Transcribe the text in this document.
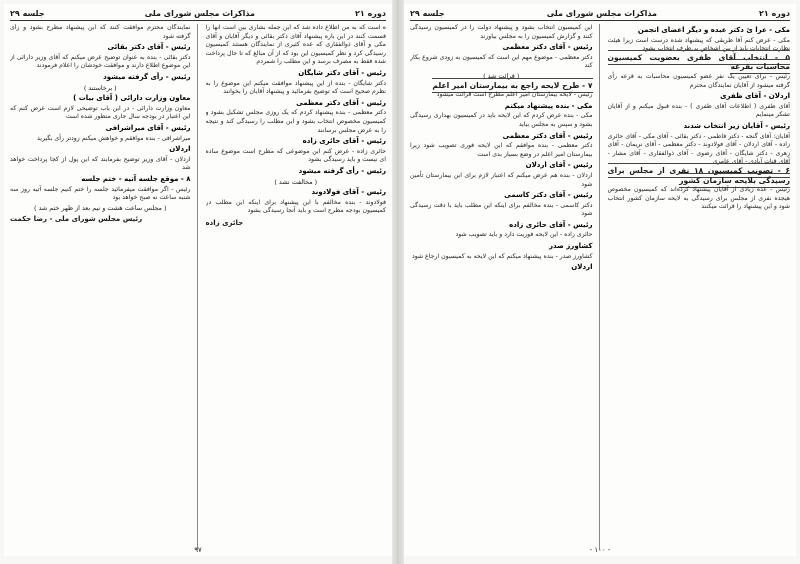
دوره ۲۱
مذاکرات مجلس شورای ملی
جلسه ۲۹
ه است که به من اطلاع داده شد که این جمله بشاری بين است آنها را قسمت کنند در این باره پیشنهاد آقای دکتر بقائی و دیگر آقایان و آقای مکی و آقای ذوالفقاری که عده کثیری از نمایندگان هستند کمیسیون رسیدگی کرد و نظر کمیسیون این بود که از آن مبالغ که تا حال پرداخت شده فقط به مصرف برسد و این مطلب را شمردم
رئیس - آقای دکتر شایگان
دکتر شایگان - بنده از این پیشنهاد موافقت میکنم این موضوع را به نظرم صحیح است که توضیح بفرمائید و پیشنهاد آقایان را بخوانند
رئیس - آقای دکتر معظمی
دکتر معظمی - بنده پیشنهاد کردم که یک روزی مجلس تشکیل بشود و کمیسیون مخصوص انتخاب بشود و این مطلب را رسیدگی کند و نتیجه را به عرض مجلس برسانند
رئیس - آقای حائری زاده
حائری زاده - عرض کنم این موضوعی که مطرح است موضوع ساده ای نیست و باید رسیدگی بشود
رئیس - رأی گرفته میشود
( مخالفت نشد )
رئیس - آقای فولادوند
فولادوند - بنده مخالفم با این پیشنهاد برای اینکه این مطلب در کمیسیون بودجه مطرح است و باید آنجا رسیدگی بشود
حائری زاده
نمایندگان محترم موافقت کنند که این پیشنهاد مطرح بشود و رأی گرفته شود
رئیس - آقای دکتر بقائی
دکتر بقائی - بنده به عنوان توضیح عرض میکنم که آقای وزیر دارائی از این موضوع اطلاع دارند و موافقت خودشان را اعلام فرمودند
رئیس - رأی گرفته میشود
( برخاستند )
معاون وزارت دارائی ( آقای بیات )
معاون وزارت دارائی - در این باب توضیحی لازم است عرض کنم که این اعتبار در بودجه سال جاری منظور شده است
رئیس - آقای میراشرافی
میراشرافی - بنده موافقم و خواهش میکنم زودتر رأی بگیرید
اردلان
اردلان - آقای وزیر توضیح بفرمایند که این پول از کجا پرداخت خواهد شد
۸ - موقع جلسه آتیه - ختم جلسه
رئیس - اگر موافقت میفرمائید جلسه را ختم کنیم جلسه آتیه روز سه شنبه ساعت نه صبح خواهد بود
( مجلس ساعت هشت و نیم بعد از ظهر ختم شد )
رئیس مجلس شورای ملی - رضا حکمت
۹۷
دوره ۲۱
مذاکرات مجلس شورای ملی
جلسه ۲۹
مکی - عرا ئ دکتر عبده و دیگر اعضای انجمن
مکی - عرض کنم آقا طریقی که پیشنهاد شده درست است زیرا هیئت نظارت انتخابات باید از بین اشخاص بی‌طرف انتخاب بشود
۵ - انتخاب آقای ظفری بعضویت کمیسیون محاسبات بقرعه
رئیس - برای تعیین یک نفر عضو کمیسیون محاسبات به قرعه رأی گرفته میشود از آقایان نمایندگان محترم
اردلان - آقای ظفری
آقای ظفری ( اطلاعات آقای ظفری ) - بنده قبول میکنم و از آقایان تشکر مینمایم
رئیس - آقایان زیر انتخاب شدند
آقایان: آقای گنجه - دکتر فاطمی - دکتر بقائی - آقای مکی - آقای حائری زاده - آقای اردلان - آقای فولادوند - دکتر معظمی - آقای نریمان - آقای زهری - دکتر شایگان - آقای رضوی - آقای ذوالفقاری - آقای مشار - آقای قنات آبادی - آقای عامری
۶ - تصویب کمیسیون ۱۸ نفری از مجلس برای رسیدگی بلایحه سازمان کشور
رئیس - عده زیادی از آقایان پیشنهاد کرده‌اند که کمیسیون مخصوص هیجده نفری از مجلس برای رسیدگی به لایحه سازمان کشور انتخاب شود و این پیشنهاد را قرائت میکنند
این کمیسیون انتخاب بشود و پیشنهاد دولت را در کمیسیون رسیدگی کنند و گزارش کمیسیون را به مجلس بیاورند
رئیس - آقای دکتر معظمی
دکتر معظمی - موضوع مهم این است که کمیسیون به زودی شروع بکار کند
( قرائت شد )
۷ - طرح لایحه راجع به بیمارستان امیر اعلم
رئیس - لایحه بیمارستان امیر اعلم مطرح است قرائت میشود
مکی - بنده پیشنهاد میکنم
مکی - بنده عرض کردم که این لایحه باید در کمیسیون بهداری رسیدگی بشود و سپس به مجلس بیاید
رئیس - آقای دکتر معظمی
دکتر معظمی - بنده موافقم که این لایحه فوری تصویب شود زیرا بیمارستان امیر اعلم در وضع بسیار بدی است
رئیس - آقای اردلان
اردلان - بنده هم عرض میکنم که اعتبار لازم برای این بیمارستان تأمین شود
رئیس - آقای دکتر کاسمی
دکتر کاسمی - بنده مخالفم برای اینکه این مطلب باید با دقت رسیدگی شود
رئیس - آقای حائری زاده
حائری زاده - این لایحه فوریت دارد و باید تصویب شود
کشاورز صدر
کشاورز صدر - بنده پیشنهاد میکنم که این لایحه به کمیسیون ارجاع شود
اردلان
- ۱۰۰ -
